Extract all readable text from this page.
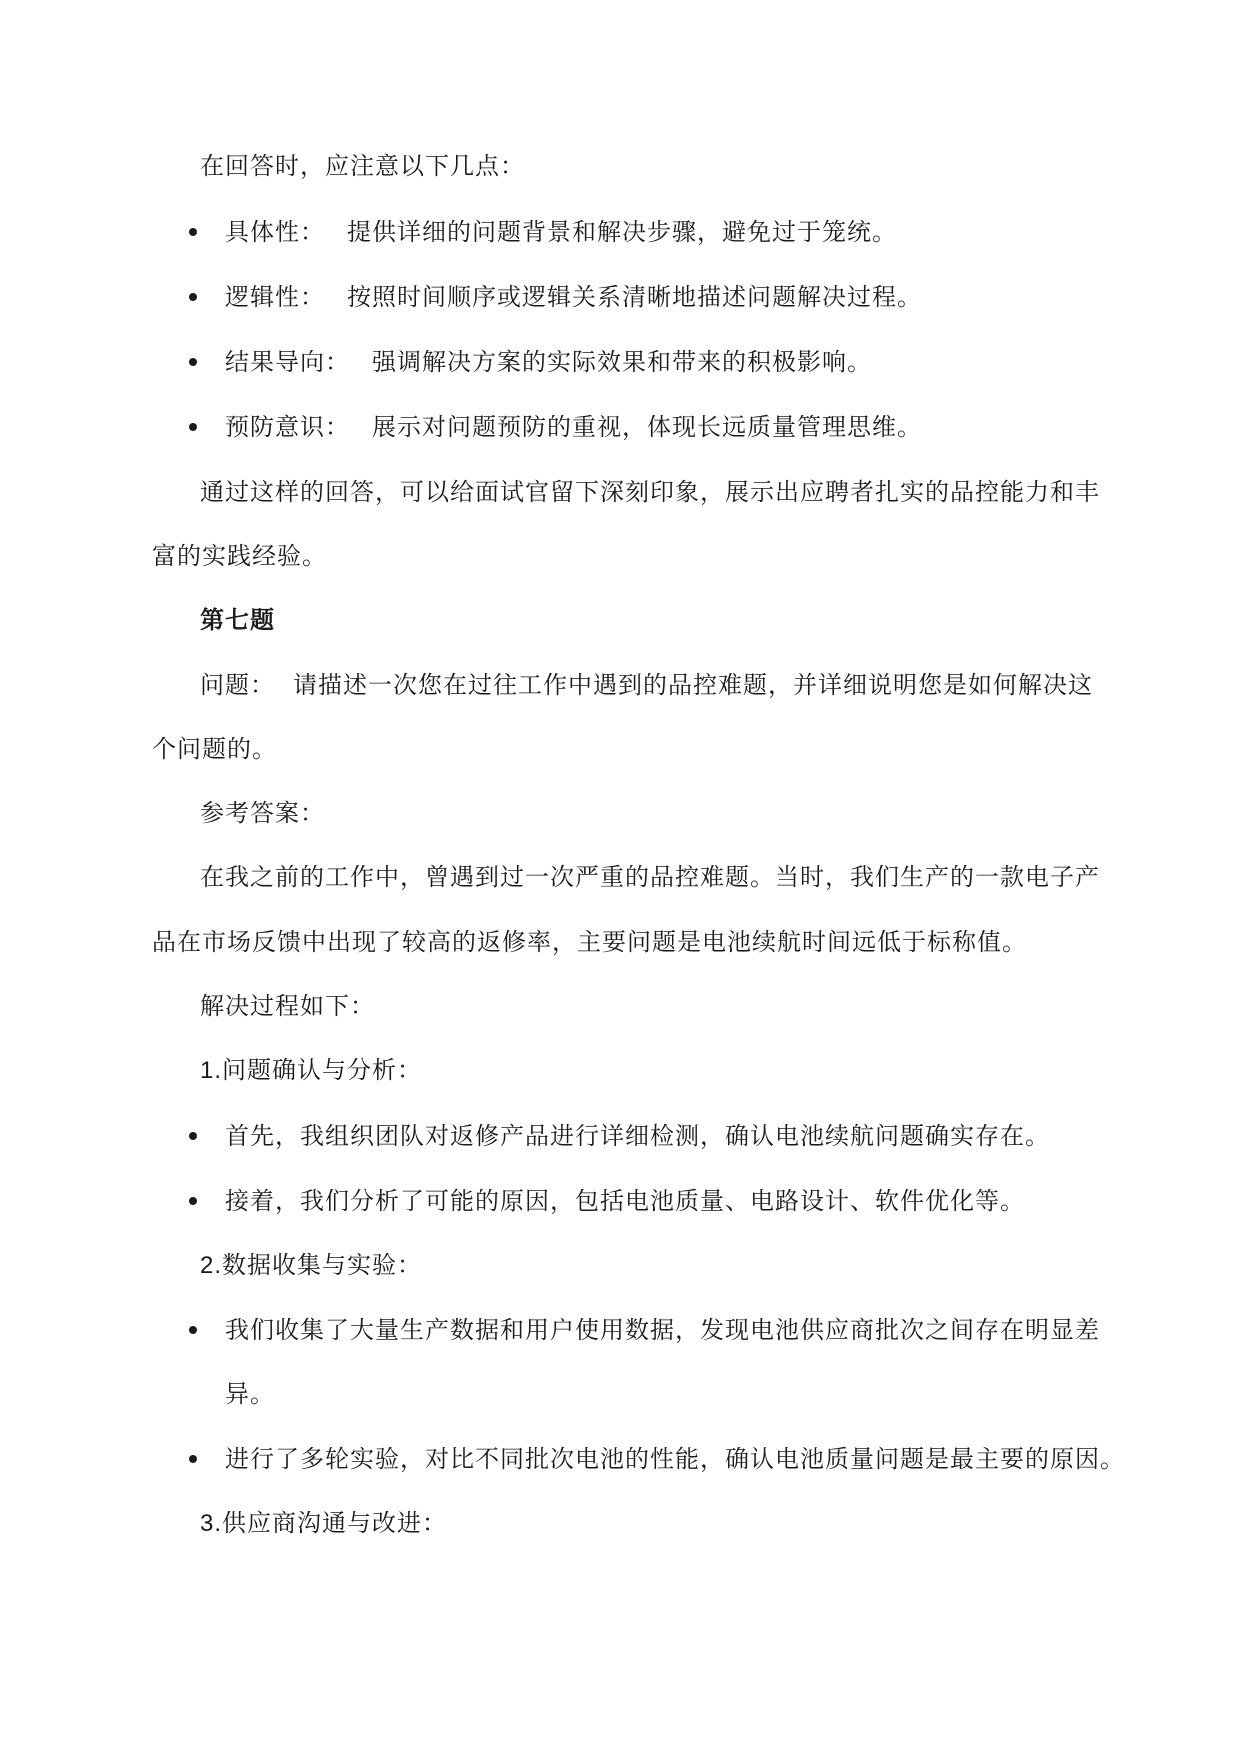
在回答时，应注意以下几点：
具体性： 提供详细的问题背景和解决步骤，避免过于笼统。
逻辑性： 按照时间顺序或逻辑关系清晰地描述问题解决过程。
结果导向： 强调解决方案的实际效果和带来的积极影响。
预防意识： 展示对问题预防的重视，体现长远质量管理思维。
通过这样的回答，可以给面试官留下深刻印象，展示出应聘者扎实的品控能力和丰
富的实践经验。
第七题
问题： 请描述一次您在过往工作中遇到的品控难题，并详细说明您是如何解决这
个问题的。
参考答案：
在我之前的工作中，曾遇到过一次严重的品控难题。当时，我们生产的一款电子产
品在市场反馈中出现了较高的返修率，主要问题是电池续航时间远低于标称值。
解决过程如下：
1.问题确认与分析：
首先，我组织团队对返修产品进行详细检测，确认电池续航问题确实存在。
接着，我们分析了可能的原因，包括电池质量、电路设计、软件优化等。
2.数据收集与实验：
我们收集了大量生产数据和用户使用数据，发现电池供应商批次之间存在明显差
异。
进行了多轮实验，对比不同批次电池的性能，确认电池质量问题是最主要的原因。
3.供应商沟通与改进：
